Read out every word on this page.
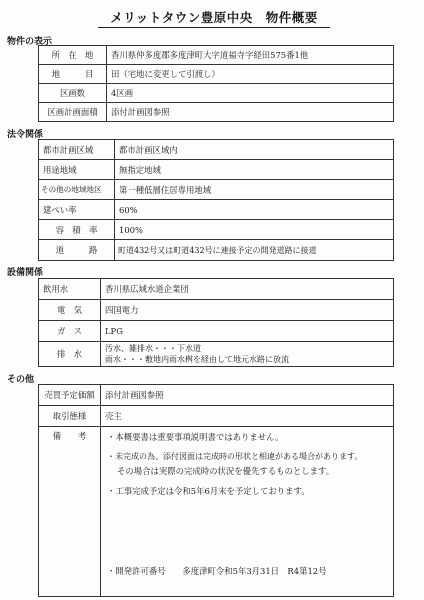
メリットタウン豊原中央　物件概要
物件の表示
所　在　地	香川県仲多度郡多度津町大字道福寺字経田575番1他
地　　　目	田（宅地に変更して引渡し）
区画数	4区画
区画計画面積	添付計画図参照
法令関係
都市計画区域	都市計画区域内
用途地域	無指定地域
その他の地域地区	第一種低層住居専用地域
建ぺい率	60%
容　積　率	100%
道　　　路	町道432号又は町道432号に連接予定の開発道路に接道
設備関係
飲用水	香川県広域水道企業団
電　気	四国電力
ガ　ス	LPG
排　水	汚水、雑排水・・・下水道
雨水・・・敷地内雨水桝を経由して地元水路に放流
その他
売買予定価額	添付計画図参照
取引態様	売主
備　　考	・本概要書は重要事項説明書ではありません。
・未完成の為、添付図面は完成時の形状と相違がある場合があります。
その場合は実際の完成時の状況を優先するものとします。
・工事完成予定は令和5年6月末を予定しております。
・開発許可番号　　多度津町令和5年3月31日　R4第12号
